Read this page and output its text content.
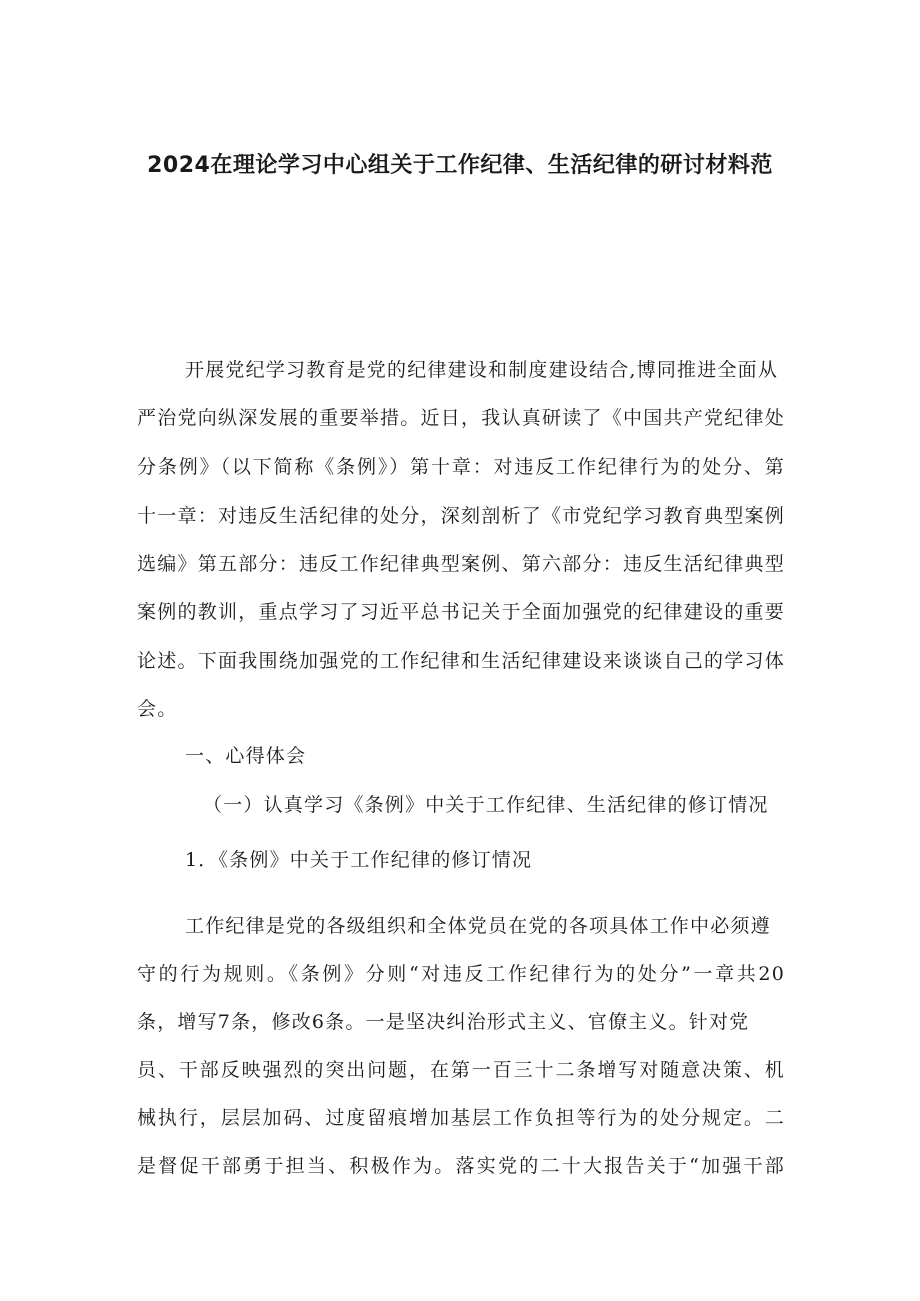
2024在理论学习中心组关于工作纪律、生活纪律的研讨材料范
开展党纪学习教育是党的纪律建设和制度建设结合,博同推进全面从
严治党向纵深发展的重要举措。近日，我认真研读了《中国共产党纪律处
分条例》（以下简称《条例》）第十章：对违反工作纪律行为的处分、第
十一章：对违反生活纪律的处分，深刻剖析了《市党纪学习教育典型案例
选编》第五部分：违反工作纪律典型案例、第六部分：违反生活纪律典型
案例的教训，重点学习了习近平总书记关于全面加强党的纪律建设的重要
论述。下面我围绕加强党的工作纪律和生活纪律建设来谈谈自己的学习体
会。
一、心得体会
（一）认真学习《条例》中关于工作纪律、生活纪律的修订情况
1．《条例》中关于工作纪律的修订情况
工作纪律是党的各级组织和全体党员在党的各项具体工作中必须遵
守的行为规则。《条例》分则“对违反工作纪律行为的处分”一章共20
条，增写7条，修改6条。一是坚决纠治形式主义、官僚主义。针对党
员、干部反映强烈的突出问题，在第一百三十二条增写对随意决策、机
械执行，层层加码、过度留痕增加基层工作负担等行为的处分规定。二
是督促干部勇于担当、积极作为。落实党的二十大报告关于“加强干部
